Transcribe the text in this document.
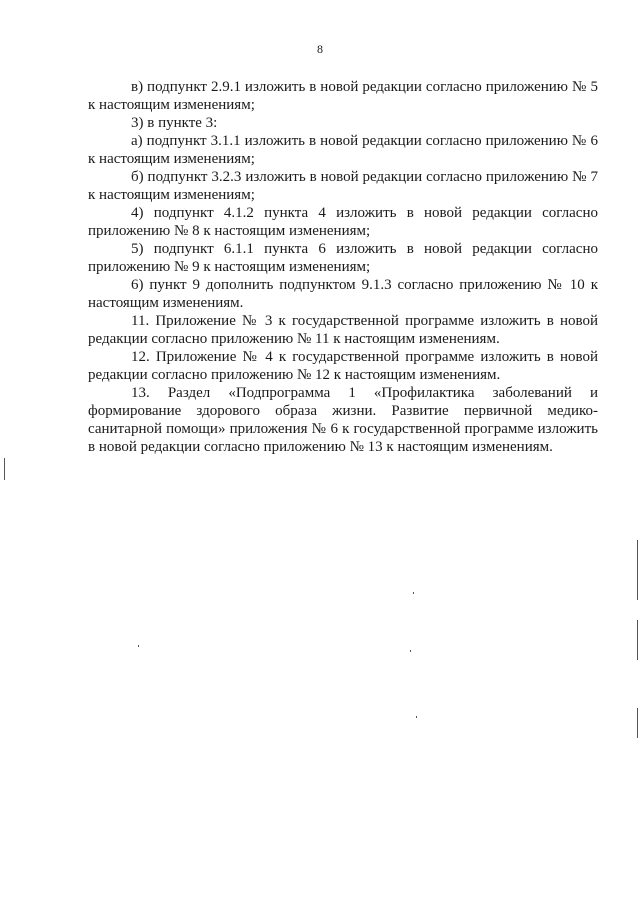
8

в) подпункт 2.9.1 изложить в новой редакции согласно приложению № 5 к настоящим изменениям;

3) в пункте 3:

а) подпункт 3.1.1 изложить в новой редакции согласно приложению № 6 к настоящим изменениям;

б) подпункт 3.2.3 изложить в новой редакции согласно приложению № 7 к настоящим изменениям;

4) подпункт 4.1.2 пункта 4 изложить в новой редакции согласно приложению № 8 к настоящим изменениям;

5) подпункт 6.1.1 пункта 6 изложить в новой редакции согласно приложению № 9 к настоящим изменениям;

6) пункт 9 дополнить подпунктом 9.1.3 согласно приложению № 10 к настоящим изменениям.

11. Приложение № 3 к государственной программе изложить в новой редакции согласно приложению № 11 к настоящим изменениям.

12. Приложение № 4 к государственной программе изложить в новой редакции согласно приложению № 12 к настоящим изменениям.

13. Раздел «Подпрограмма 1 «Профилактика заболеваний и формирование здорового образа жизни. Развитие первичной медико-санитарной помощи» приложения № 6 к государственной программе изложить в новой редакции согласно приложению № 13 к настоящим изменениям.
